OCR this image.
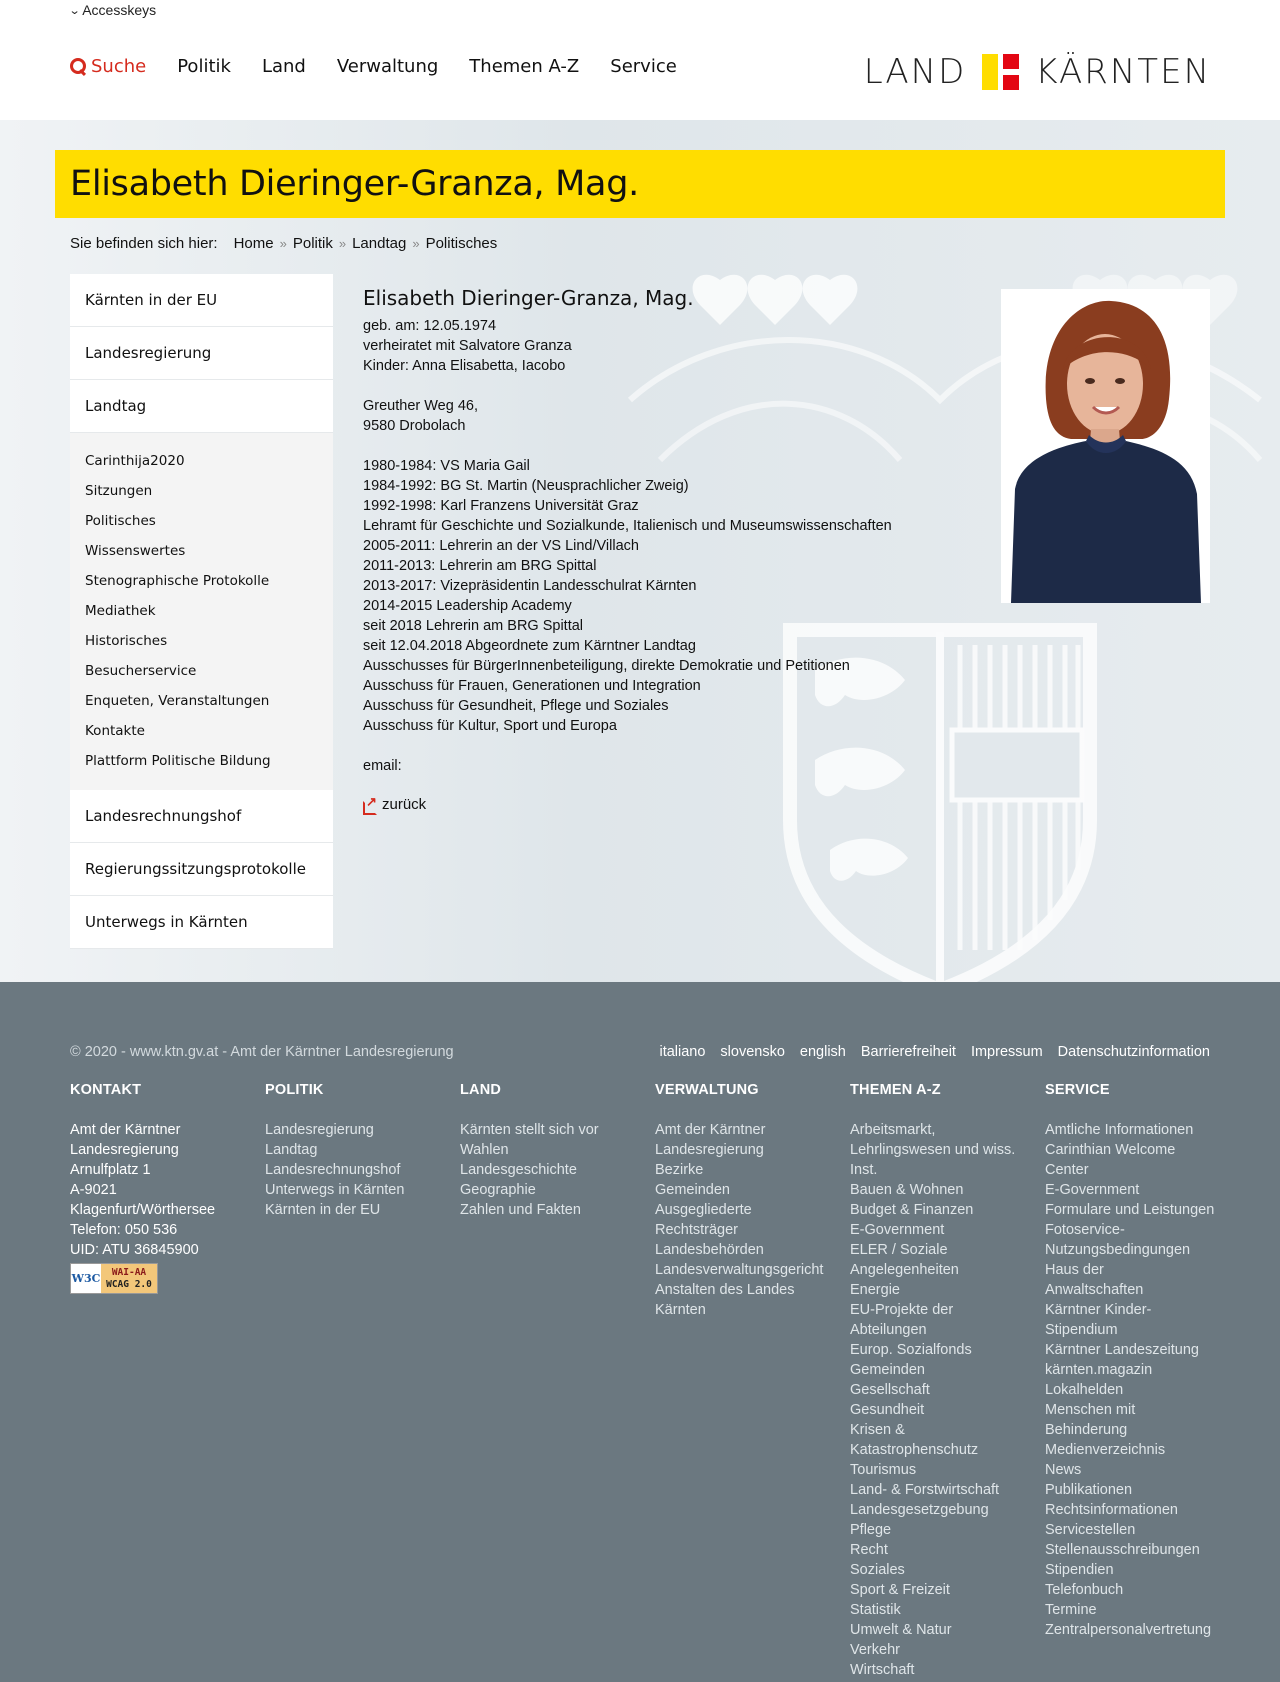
⌄ Accesskeys
Suche Politik Land Verwaltung Themen A-Z Service	LAND KÄRNTEN
Elisabeth Dieringer-Granza, Mag.
Sie befinden sich hier: Home » Politik » Landtag » Politisches
Kärnten in der EU
Landesregierung
Landtag
Carinthija2020
Sitzungen
Politisches
Wissenswertes
Stenographische Protokolle
Mediathek
Historisches
Besucherservice
Enqueten, Veranstaltungen
Kontakte
Plattform Politische Bildung
Landesrechnungshof
Regierungssitzungsprotokolle
Unterwegs in Kärnten
Elisabeth Dieringer-Granza, Mag.

geb. am: 12.05.1974

verheiratet mit Salvatore Granza

Kinder: Anna Elisabetta, Iacobo

Greuther Weg 46,

9580 Drobolach

1980-1984: VS Maria Gail

1984-1992: BG St. Martin (Neusprachlicher Zweig)

1992-1998: Karl Franzens Universität Graz

Lehramt für Geschichte und Sozialkunde, Italienisch und Museumswissenschaften

2005-2011: Lehrerin an der VS Lind/Villach

2011-2013: Lehrerin am BRG Spittal

2013-2017: Vizepräsidentin Landesschulrat Kärnten

2014-2015 Leadership Academy

seit 2018 Lehrerin am BRG Spittal

seit 12.04.2018 Abgeordnete zum Kärntner Landtag

Ausschusses für BürgerInnenbeteiligung, direkte Demokratie und Petitionen

Ausschuss für Frauen, Generationen und Integration

Ausschuss für Gesundheit, Pflege und Soziales

Ausschuss für Kultur, Sport und Europa

email:

↗
zurück
© 2020 - www.ktn.gv.at - Amt der Kärntner Landesregierung	italiano slovensko english Barrierefreiheit Impressum Datenschutzinformation
KONTAKT
Amt der Kärntner
Landesregierung
Arnulfplatz 1
A-9021
Klagenfurt/Wörthersee
Telefon: 050 536
UID: ATU 36845900
W3C WAI-AA
WCAG 2.0
POLITIK
Landesregierung
Landtag
Landesrechnungshof
Unterwegs in Kärnten
Kärnten in der EU
LAND
Kärnten stellt sich vor
Wahlen
Landesgeschichte
Geographie
Zahlen und Fakten
VERWALTUNG
Amt der Kärntner
Landesregierung
Bezirke
Gemeinden
Ausgegliederte
Rechtsträger
Landesbehörden
Landesverwaltungsgericht
Anstalten des Landes
Kärnten
THEMEN A-Z
Arbeitsmarkt,
Lehrlingswesen und wiss.
Inst.
Bauen & Wohnen
Budget & Finanzen
E-Government
ELER / Soziale
Angelegenheiten
Energie
EU-Projekte der
Abteilungen
Europ. Sozialfonds
Gemeinden
Gesellschaft
Gesundheit
Krisen &
Katastrophenschutz
Tourismus
Land- & Forstwirtschaft
Landesgesetzgebung
Pflege
Recht
Soziales
Sport & Freizeit
Statistik
Umwelt & Natur
Verkehr
Wirtschaft
SERVICE
Amtliche Informationen
Carinthian Welcome
Center
E-Government
Formulare und Leistungen
Fotoservice-
Nutzungsbedingungen
Haus der
Anwaltschaften
Kärntner Kinder-
Stipendium
Kärntner Landeszeitung
kärnten.magazin
Lokalhelden
Menschen mit
Behinderung
Medienverzeichnis
News
Publikationen
Rechtsinformationen
Servicestellen
Stellenausschreibungen
Stipendien
Telefonbuch
Termine
Zentralpersonalvertretung
